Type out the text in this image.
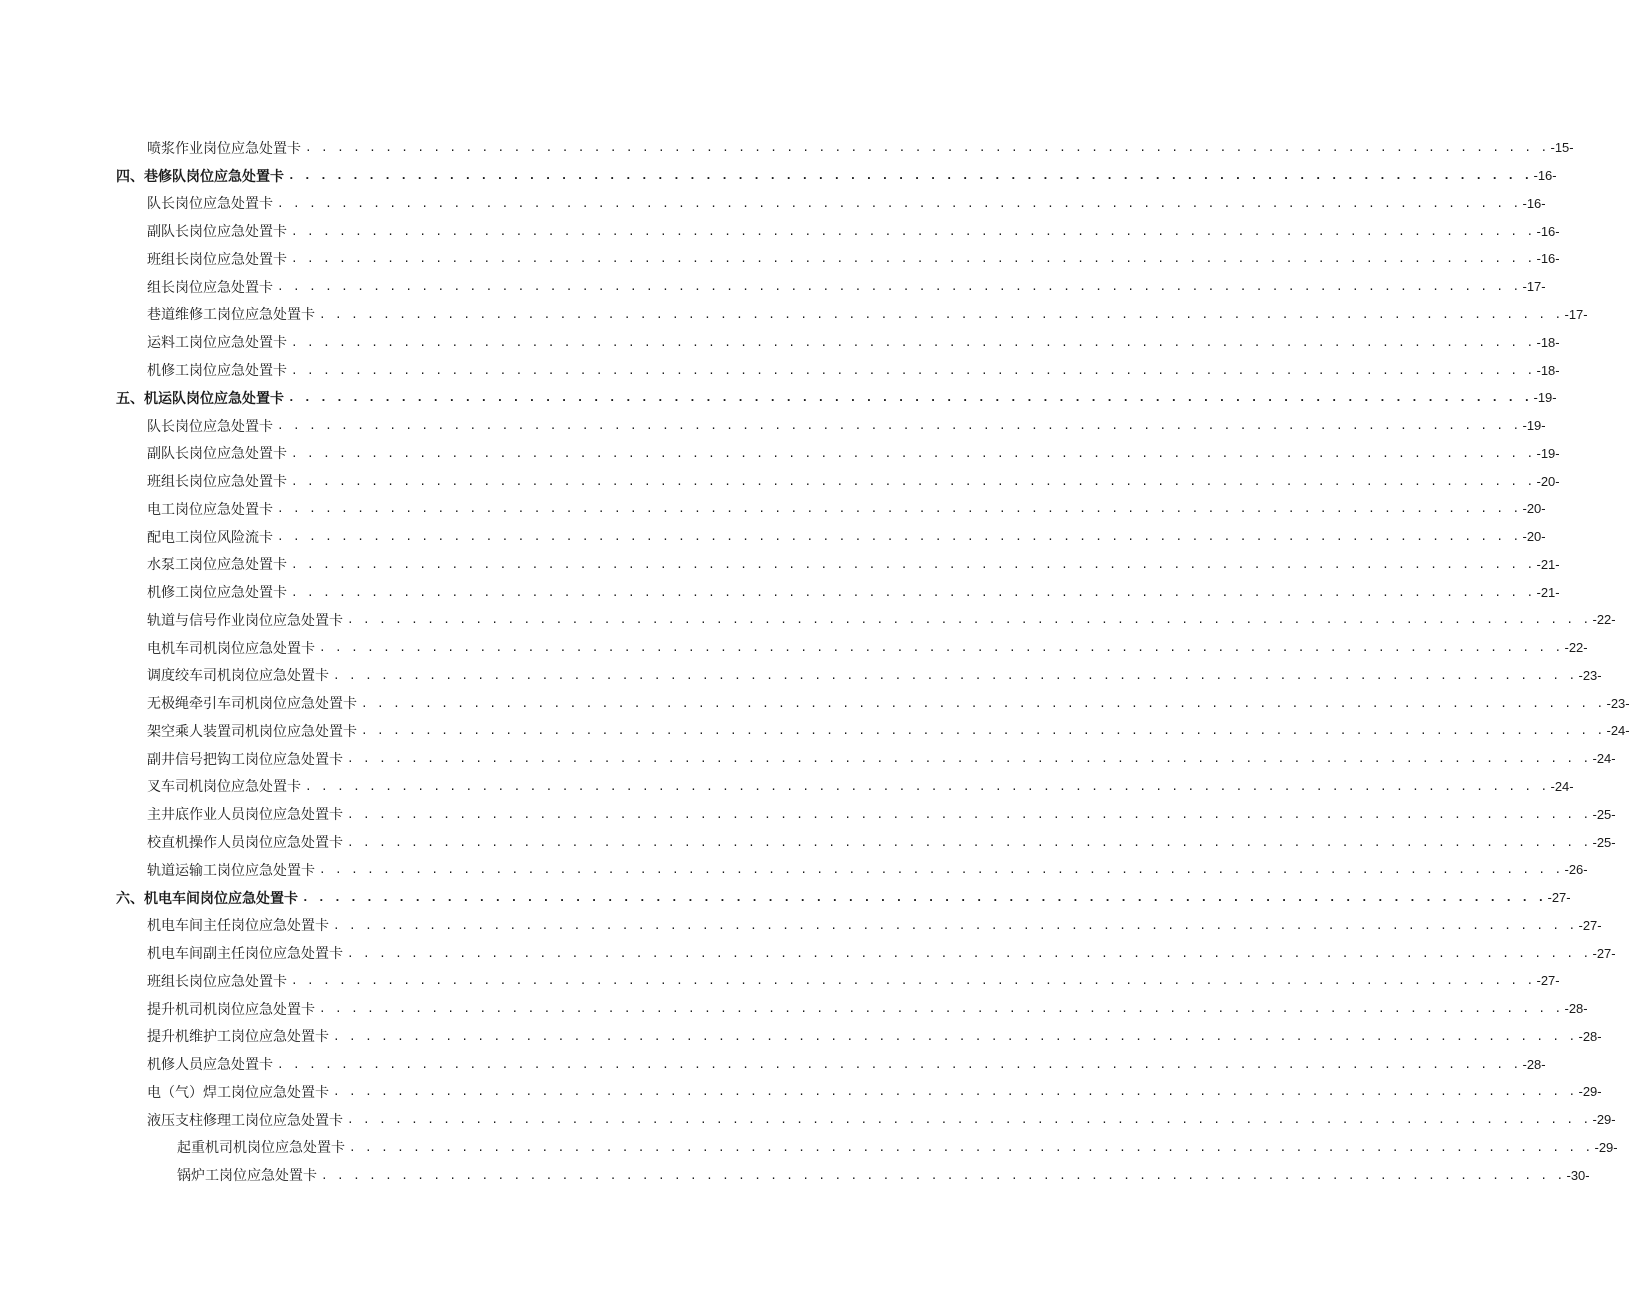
喷浆作业岗位应急处置卡 . . . . . . . . . . . . . . . . . . . . . . . . . . . . . . . . . . . . . . . . . . . . . . . . . . . . . . . . . . . . . . . . . . . . . . . . . . . . . . -15-
四、巷修队岗位应急处置卡 . . . . . . . . . . . . . . . . . . . . . . . . . . . . . . . . . . . . . . . . . . . . . . . . . . . . . . . . . . . . . . . . . . . . . . . . . . . . . . -16-
队长岗位应急处置卡 . . . . . . . . . . . . . . . . . . . . . . . . . . . . . . . . . . . . . . . . . . . . . . . . . . . . . . . . . . . . . . . . . . . . . . . . . . . . . . -16-
副队长岗位应急处置卡 . . . . . . . . . . . . . . . . . . . . . . . . . . . . . . . . . . . . . . . . . . . . . . . . . . . . . . . . . . . . . . . . . . . . . . . . . . . . . . -16-
班组长岗位应急处置卡 . . . . . . . . . . . . . . . . . . . . . . . . . . . . . . . . . . . . . . . . . . . . . . . . . . . . . . . . . . . . . . . . . . . . . . . . . . . . . . -16-
组长岗位应急处置卡 . . . . . . . . . . . . . . . . . . . . . . . . . . . . . . . . . . . . . . . . . . . . . . . . . . . . . . . . . . . . . . . . . . . . . . . . . . . . . . -17-
巷道维修工岗位应急处置卡 . . . . . . . . . . . . . . . . . . . . . . . . . . . . . . . . . . . . . . . . . . . . . . . . . . . . . . . . . . . . . . . . . . . . . . . . . . . . . . -17-
运料工岗位应急处置卡 . . . . . . . . . . . . . . . . . . . . . . . . . . . . . . . . . . . . . . . . . . . . . . . . . . . . . . . . . . . . . . . . . . . . . . . . . . . . . . -18-
机修工岗位应急处置卡 . . . . . . . . . . . . . . . . . . . . . . . . . . . . . . . . . . . . . . . . . . . . . . . . . . . . . . . . . . . . . . . . . . . . . . . . . . . . . . -18-
五、机运队岗位应急处置卡 . . . . . . . . . . . . . . . . . . . . . . . . . . . . . . . . . . . . . . . . . . . . . . . . . . . . . . . . . . . . . . . . . . . . . . . . . . . . . . -19-
队长岗位应急处置卡 . . . . . . . . . . . . . . . . . . . . . . . . . . . . . . . . . . . . . . . . . . . . . . . . . . . . . . . . . . . . . . . . . . . . . . . . . . . . . . -19-
副队长岗位应急处置卡 . . . . . . . . . . . . . . . . . . . . . . . . . . . . . . . . . . . . . . . . . . . . . . . . . . . . . . . . . . . . . . . . . . . . . . . . . . . . . . -19-
班组长岗位应急处置卡 . . . . . . . . . . . . . . . . . . . . . . . . . . . . . . . . . . . . . . . . . . . . . . . . . . . . . . . . . . . . . . . . . . . . . . . . . . . . . . -20-
电工岗位应急处置卡 . . . . . . . . . . . . . . . . . . . . . . . . . . . . . . . . . . . . . . . . . . . . . . . . . . . . . . . . . . . . . . . . . . . . . . . . . . . . . . -20-
配电工岗位风险流卡 . . . . . . . . . . . . . . . . . . . . . . . . . . . . . . . . . . . . . . . . . . . . . . . . . . . . . . . . . . . . . . . . . . . . . . . . . . . . . . -20-
水泵工岗位应急处置卡 . . . . . . . . . . . . . . . . . . . . . . . . . . . . . . . . . . . . . . . . . . . . . . . . . . . . . . . . . . . . . . . . . . . . . . . . . . . . . . -21-
机修工岗位应急处置卡 . . . . . . . . . . . . . . . . . . . . . . . . . . . . . . . . . . . . . . . . . . . . . . . . . . . . . . . . . . . . . . . . . . . . . . . . . . . . . . -21-
轨道与信号作业岗位应急处置卡 . . . . . . . . . . . . . . . . . . . . . . . . . . . . . . . . . . . . . . . . . . . . . . . . . . . . . . . . . . . . . . . . . . . . . . . . . . . . . . -22-
电机车司机岗位应急处置卡 . . . . . . . . . . . . . . . . . . . . . . . . . . . . . . . . . . . . . . . . . . . . . . . . . . . . . . . . . . . . . . . . . . . . . . . . . . . . . . -22-
调度绞车司机岗位应急处置卡 . . . . . . . . . . . . . . . . . . . . . . . . . . . . . . . . . . . . . . . . . . . . . . . . . . . . . . . . . . . . . . . . . . . . . . . . . . . . . . -23-
无极绳牵引车司机岗位应急处置卡 . . . . . . . . . . . . . . . . . . . . . . . . . . . . . . . . . . . . . . . . . . . . . . . . . . . . . . . . . . . . . . . . . . . . . . . . . . . . . . -23-
架空乘人装置司机岗位应急处置卡 . . . . . . . . . . . . . . . . . . . . . . . . . . . . . . . . . . . . . . . . . . . . . . . . . . . . . . . . . . . . . . . . . . . . . . . . . . . . . . -24-
副井信号把钩工岗位应急处置卡 . . . . . . . . . . . . . . . . . . . . . . . . . . . . . . . . . . . . . . . . . . . . . . . . . . . . . . . . . . . . . . . . . . . . . . . . . . . . . . -24-
叉车司机岗位应急处置卡 . . . . . . . . . . . . . . . . . . . . . . . . . . . . . . . . . . . . . . . . . . . . . . . . . . . . . . . . . . . . . . . . . . . . . . . . . . . . . . -24-
主井底作业人员岗位应急处置卡 . . . . . . . . . . . . . . . . . . . . . . . . . . . . . . . . . . . . . . . . . . . . . . . . . . . . . . . . . . . . . . . . . . . . . . . . . . . . . . -25-
校直机操作人员岗位应急处置卡 . . . . . . . . . . . . . . . . . . . . . . . . . . . . . . . . . . . . . . . . . . . . . . . . . . . . . . . . . . . . . . . . . . . . . . . . . . . . . . -25-
轨道运输工岗位应急处置卡 . . . . . . . . . . . . . . . . . . . . . . . . . . . . . . . . . . . . . . . . . . . . . . . . . . . . . . . . . . . . . . . . . . . . . . . . . . . . . . -26-
六、机电车间岗位应急处置卡 . . . . . . . . . . . . . . . . . . . . . . . . . . . . . . . . . . . . . . . . . . . . . . . . . . . . . . . . . . . . . . . . . . . . . . . . . . . . . . -27-
机电车间主任岗位应急处置卡 . . . . . . . . . . . . . . . . . . . . . . . . . . . . . . . . . . . . . . . . . . . . . . . . . . . . . . . . . . . . . . . . . . . . . . . . . . . . . . -27-
机电车间副主任岗位应急处置卡 . . . . . . . . . . . . . . . . . . . . . . . . . . . . . . . . . . . . . . . . . . . . . . . . . . . . . . . . . . . . . . . . . . . . . . . . . . . . . . -27-
班组长岗位应急处置卡 . . . . . . . . . . . . . . . . . . . . . . . . . . . . . . . . . . . . . . . . . . . . . . . . . . . . . . . . . . . . . . . . . . . . . . . . . . . . . . -27-
提升机司机岗位应急处置卡 . . . . . . . . . . . . . . . . . . . . . . . . . . . . . . . . . . . . . . . . . . . . . . . . . . . . . . . . . . . . . . . . . . . . . . . . . . . . . . -28-
提升机维护工岗位应急处置卡 . . . . . . . . . . . . . . . . . . . . . . . . . . . . . . . . . . . . . . . . . . . . . . . . . . . . . . . . . . . . . . . . . . . . . . . . . . . . . . -28-
机修人员应急处置卡 . . . . . . . . . . . . . . . . . . . . . . . . . . . . . . . . . . . . . . . . . . . . . . . . . . . . . . . . . . . . . . . . . . . . . . . . . . . . . . -28-
电（气）焊工岗位应急处置卡 . . . . . . . . . . . . . . . . . . . . . . . . . . . . . . . . . . . . . . . . . . . . . . . . . . . . . . . . . . . . . . . . . . . . . . . . . . . . . . -29-
液压支柱修理工岗位应急处置卡 . . . . . . . . . . . . . . . . . . . . . . . . . . . . . . . . . . . . . . . . . . . . . . . . . . . . . . . . . . . . . . . . . . . . . . . . . . . . . . -29-
起重机司机岗位应急处置卡 . . . . . . . . . . . . . . . . . . . . . . . . . . . . . . . . . . . . . . . . . . . . . . . . . . . . . . . . . . . . . . . . . . . . . . . . . . . . . . -29-
锅炉工岗位应急处置卡 . . . . . . . . . . . . . . . . . . . . . . . . . . . . . . . . . . . . . . . . . . . . . . . . . . . . . . . . . . . . . . . . . . . . . . . . . . . . . . -30-
